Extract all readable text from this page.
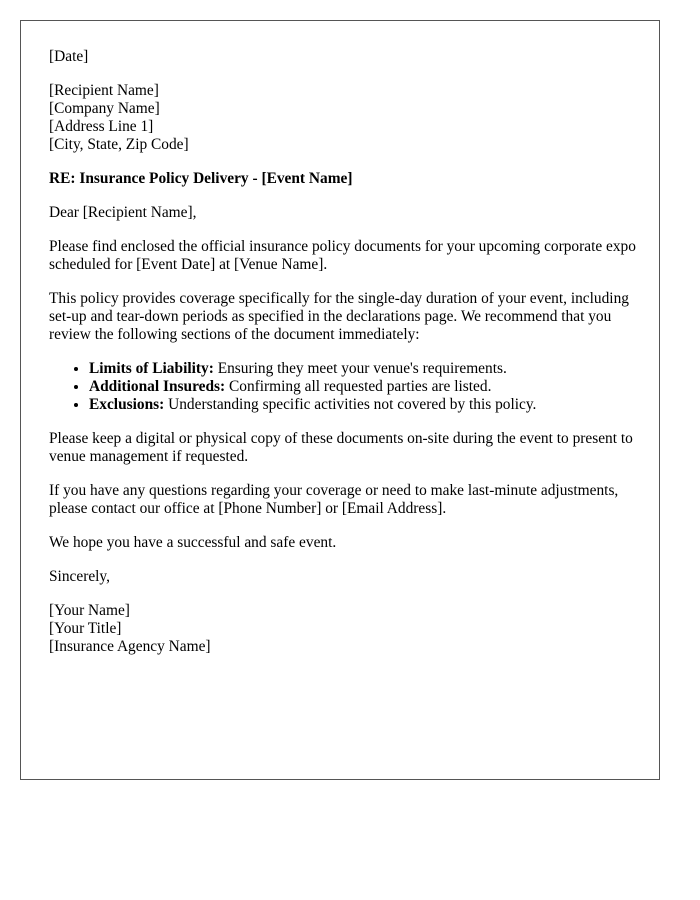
[Date]
[Recipient Name]
[Company Name]
[Address Line 1]
[City, State, Zip Code]
RE: Insurance Policy Delivery - [Event Name]
Dear [Recipient Name],
Please find enclosed the official insurance policy documents for your upcoming corporate expo scheduled for [Event Date] at [Venue Name].
This policy provides coverage specifically for the single-day duration of your event, including set-up and tear-down periods as specified in the declarations page. We recommend that you review the following sections of the document immediately:
• Limits of Liability: Ensuring they meet your venue's requirements.
• Additional Insureds: Confirming all requested parties are listed.
• Exclusions: Understanding specific activities not covered by this policy.
Please keep a digital or physical copy of these documents on-site during the event to present to venue management if requested.
If you have any questions regarding your coverage or need to make last-minute adjustments, please contact our office at [Phone Number] or [Email Address].
We hope you have a successful and safe event.
Sincerely,
[Your Name]
[Your Title]
[Insurance Agency Name]
